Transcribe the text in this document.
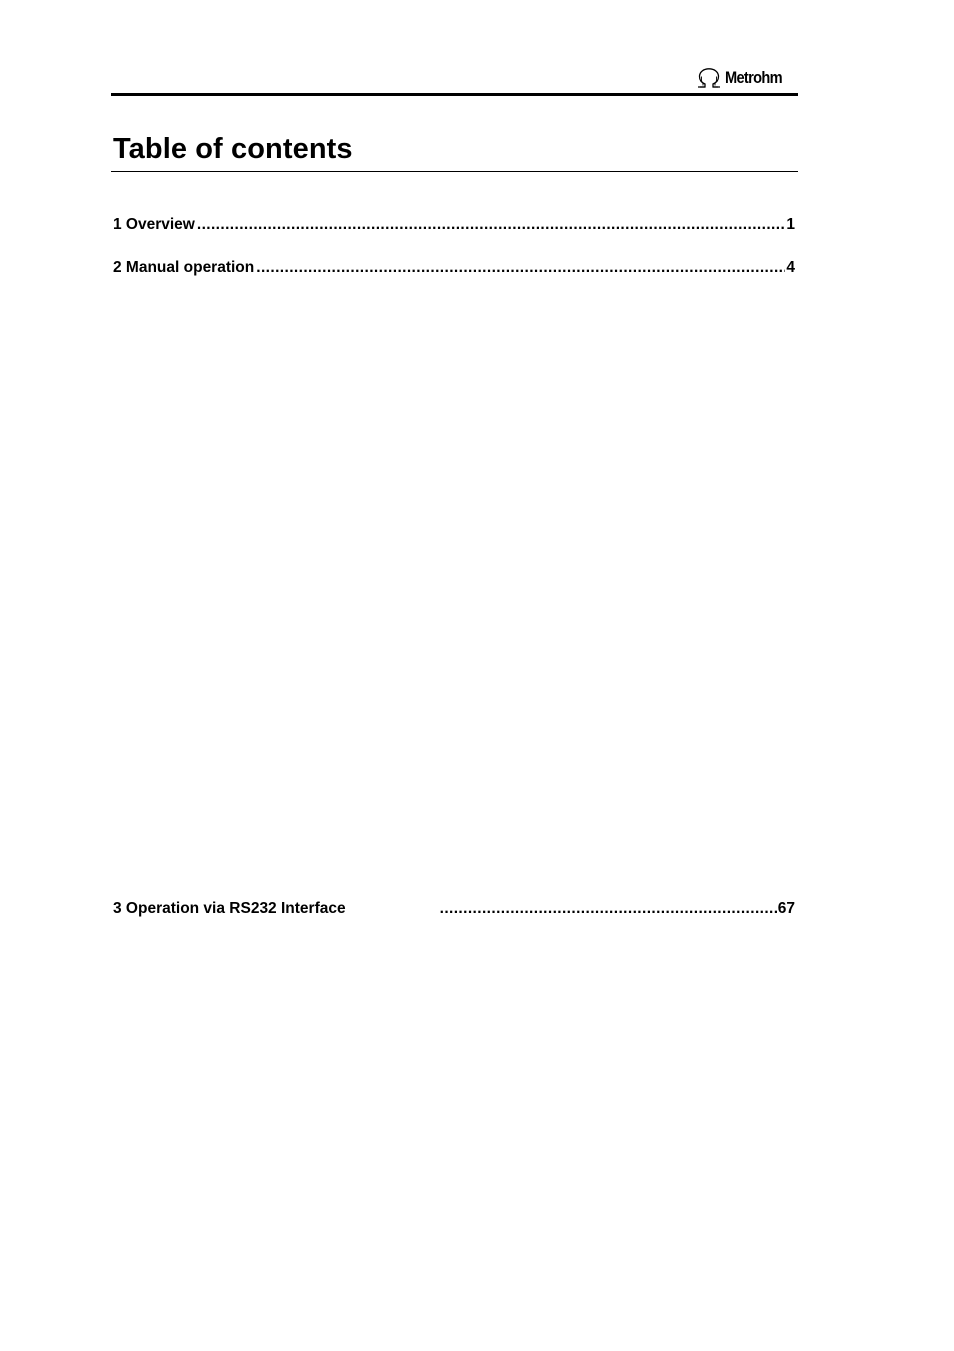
Metrohm
Table of contents
1 Overview .....	1
2 Manual operation .....	4
3 Operation via RS232 Interface .....	67
